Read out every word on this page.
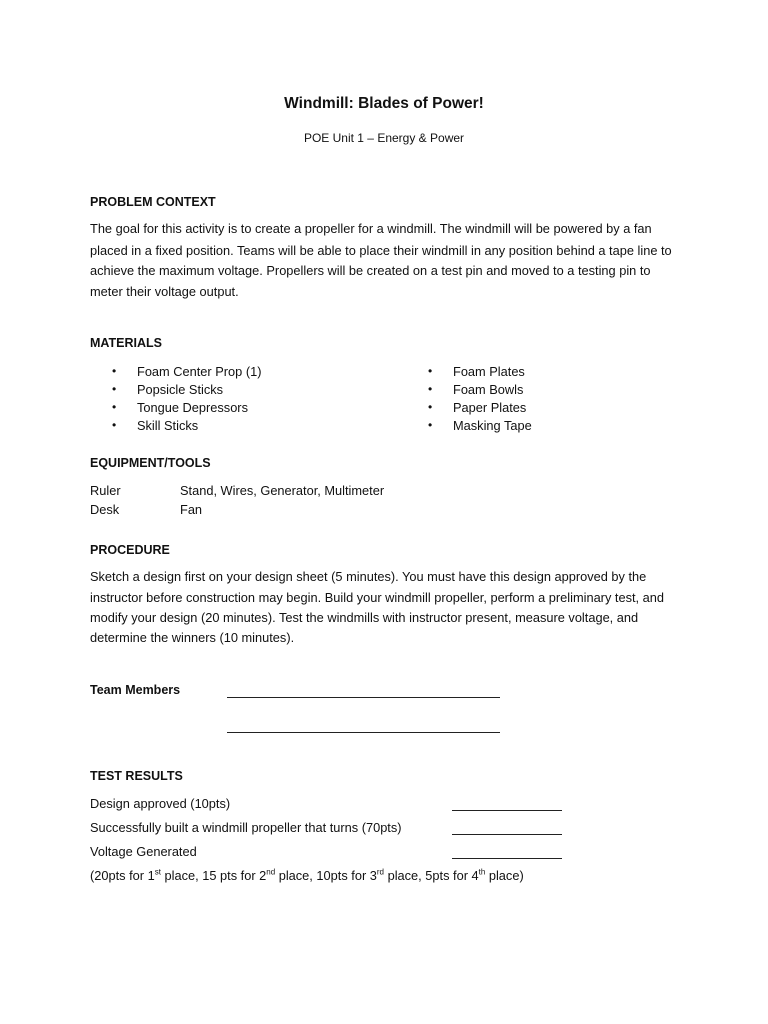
Windmill: Blades of Power!
POE Unit 1 – Energy & Power
PROBLEM CONTEXT
The goal for this activity is to create a propeller for a windmill. The windmill will be powered by a fan
placed in a fixed position. Teams will be able to place their windmill in any position behind a tape line to
achieve the maximum voltage. Propellers will be created on a test pin and moved to a testing pin to
meter their voltage output.
MATERIALS
• Foam Center Prop (1)
• Popsicle Sticks
• Tongue Depressors
• Skill Sticks
• Foam Plates
• Foam Bowls
• Paper Plates
• Masking Tape
EQUIPMENT/TOOLS
Ruler	Stand, Wires, Generator, Multimeter
Desk	Fan
PROCEDURE
Sketch a design first on your design sheet (5 minutes). You must have this design approved by the
instructor before construction may begin. Build your windmill propeller, perform a preliminary test, and
modify your design (20 minutes). Test the windmills with instructor present, measure voltage, and
determine the winners (10 minutes).
Team Members
TEST RESULTS
Design approved (10pts)
Successfully built a windmill propeller that turns (70pts)
Voltage Generated
(20pts for 1st place, 15 pts for 2nd place, 10pts for 3rd place, 5pts for 4th place)
